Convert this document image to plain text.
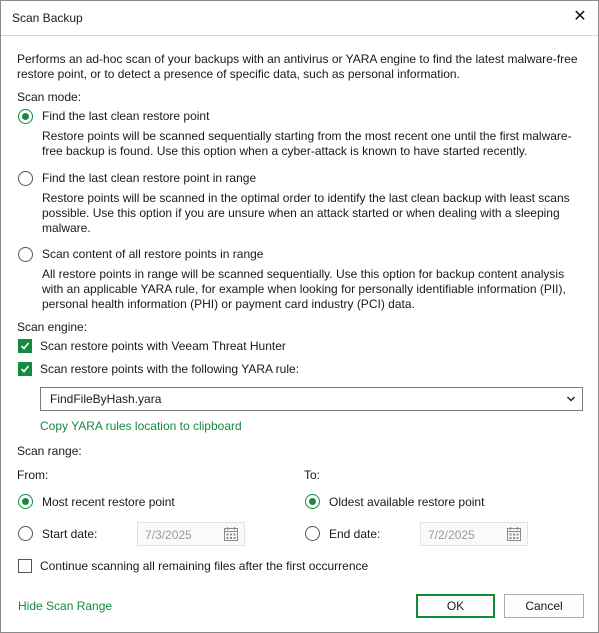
Scan Backup	✕
Performs an ad-hoc scan of your backups with an antivirus or YARA engine to find the latest malware-free restore point, or to detect a presence of specific data, such as personal information.
Scan mode:
Find the last clean restore point
Restore points will be scanned sequentially starting from the most recent one until the first malware-free backup is found. Use this option when a cyber-attack is known to have started recently.
Find the last clean restore point in range
Restore points will be scanned in the optimal order to identify the last clean backup with least scans possible. Use this option if you are unsure when an attack started or when dealing with a sleeping malware.
Scan content of all restore points in range
All restore points in range will be scanned sequentially. Use this option for backup content analysis with an applicable YARA rule, for example when looking for personally identifiable information (PII), personal health information (PHI) or payment card industry (PCI) data.
Scan engine:
Scan restore points with Veeam Threat Hunter
Scan restore points with the following YARA rule:
FindFileByHash.yara
Copy YARA rules location to clipboard
Scan range:
From:	To:
Most recent restore point	Oldest available restore point
Start date:	7/3/2025	End date:	7/2/2025
Continue scanning all remaining files after the first occurrence
Hide Scan Range	OK	Cancel
